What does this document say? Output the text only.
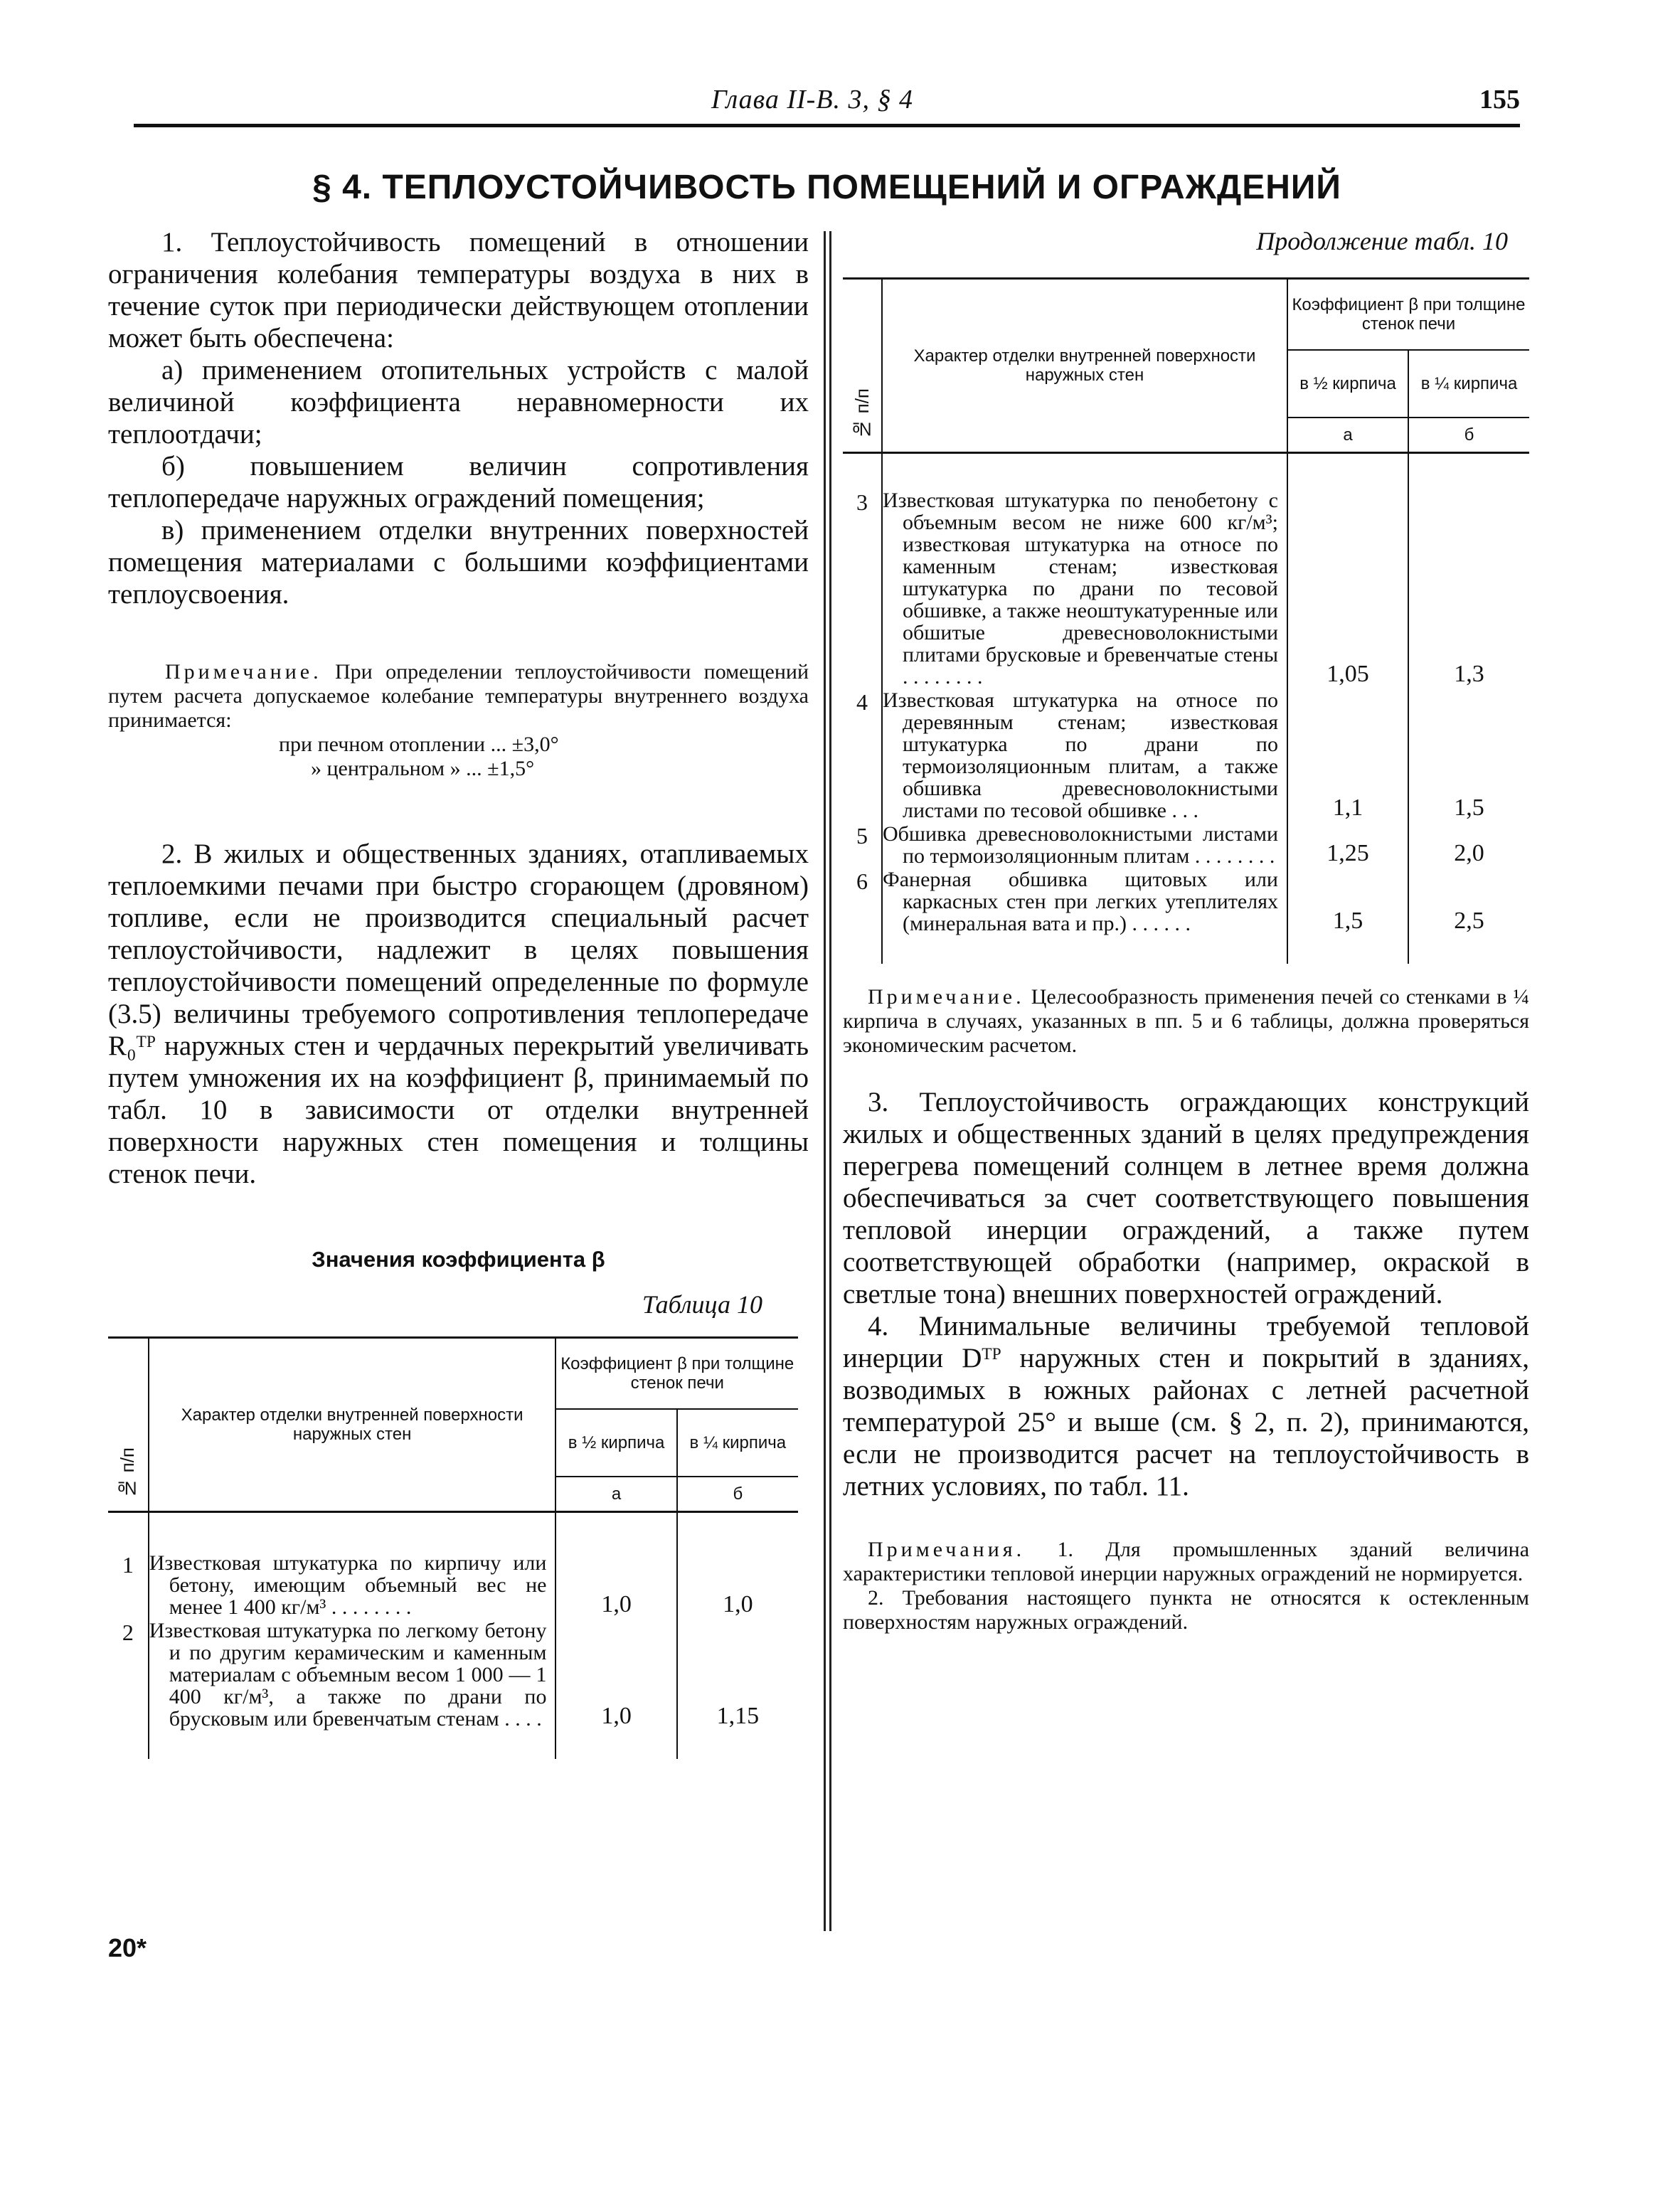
Глава II-В. 3, § 4	155
§ 4. ТЕПЛОУСТОЙЧИВОСТЬ ПОМЕЩЕНИЙ И ОГРАЖДЕНИЙ

1. Теплоустойчивость помещений в отношении ограничения колебания температуры воздуха в них в течение суток при периодически действующем отоплении может быть обеспечена:

а) применением отопительных устройств с малой величиной коэффициента неравномерности их теплоотдачи;

б) повышением величин сопротивления теплопередаче наружных ограждений помещения;

в) применением отделки внутренних поверхностей помещения материалами с большими коэффициентами теплоусвоения.

Примечание. При определении теплоустойчивости помещений путем расчета допускаемое колебание температуры внутреннего воздуха принимается:

при печном отоплении ... ±3,0°

» центральном » ... ±1,5°

2. В жилых и общественных зданиях, отапливаемых теплоемкими печами при быстро сгорающем (дровяном) топливе, если не производится специальный расчет теплоустойчивости, надлежит в целях повышения теплоустойчивости помещений определенные по формуле (3.5) величины требуемого сопротивления теплопередаче R₀ᵀᴾ наружных стен и чердачных перекрытий увеличивать путем умножения их на коэффициент β, принимаемый по табл. 10 в зависимости от отделки внутренней поверхности наружных стен помещения и толщины стенок печи.

Значения коэффициента β
Таблица 10
№ п/п	Характер отделки внутренней поверхности наружных стен	Коэффициент β при толщине стенок печи	
		в ½ кирпича	в ¼ кирпича
		а	б

1	Известковая штукатурка по кирпичу или бетону, имеющим объемный вес не менее 1 400 кг/м³ . . . . . . . .	1,0	1,0
2	Известковая штукатурка по легкому бетону и по другим керамическим и каменным материалам с объемным весом 1 000 — 1 400 кг/м³, а также по драни по брусковым или бревенчатым стенам . . . .	1,0	1,15

20*
Продолжение табл. 10
№ п/п	Характер отделки внутренней поверхности наружных стен	Коэффициент β при толщине стенок печи	
		в ½ кирпича	в ¼ кирпича
		а	б

3	Известковая штукатурка по пенобетону с объемным весом не ниже 600 кг/м³; известковая штукатурка на относе по каменным стенам; известковая штукатурка по драни по тесовой обшивке, а также неоштукатуренные или обшитые древесноволокнистыми плитами брусковые и бревенчатые стены . . . . . . . .	1,05	1,3
4	Известковая штукатурка на относе по деревянным стенам; известковая штукатурка по драни по термоизоляционным плитам, а также обшивка древесноволокнистыми листами по тесовой обшивке . . .	1,1	1,5
5	Обшивка древесноволокнистыми листами по термоизоляционным плитам . . . . . . . .	1,25	2,0
6	Фанерная обшивка щитовых или каркасных стен при легких утеплителях (минеральная вата и пр.) . . . . . .	1,5	2,5

Примечание. Целесообразность применения печей со стенками в ¼ кирпича в случаях, указанных в пп. 5 и 6 таблицы, должна проверяться экономическим расчетом.

3. Теплоустойчивость ограждающих конструкций жилых и общественных зданий в целях предупреждения перегрева помещений солнцем в летнее время должна обеспечиваться за счет соответствующего повышения тепловой инерции ограждений, а также путем соответствующей обработки (например, окраской в светлые тона) внешних поверхностей ограждений.

4. Минимальные величины требуемой тепловой инерции Dᵀᴾ наружных стен и покрытий в зданиях, возводимых в южных районах с летней расчетной температурой 25° и выше (см. § 2, п. 2), принимаются, если не производится расчет на теплоустойчивость в летних условиях, по табл. 11.

Примечания. 1. Для промышленных зданий величина характеристики тепловой инерции наружных ограждений не нормируется.

2. Требования настоящего пункта не относятся к остекленным поверхностям наружных ограждений.
